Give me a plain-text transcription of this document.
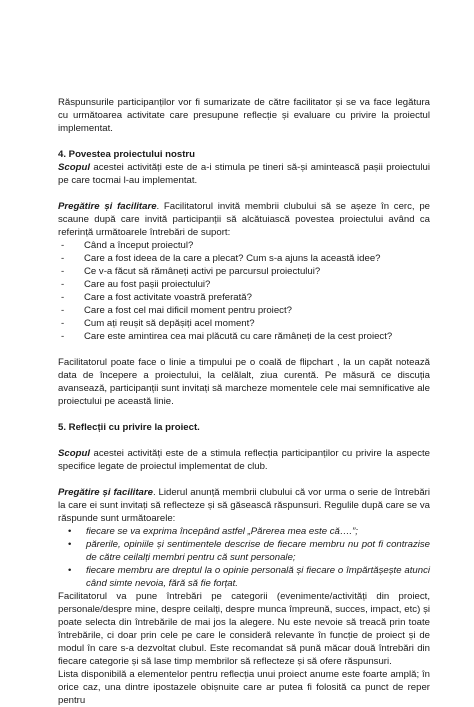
Răspunsurile participanților vor fi sumarizate de către facilitator și se va face legătura cu următoarea activitate care presupune reflecție și evaluare cu privire la proiectul implementat.

4. Povestea proiectului nostru

Scopul acestei activități este de a-i stimula pe tineri să-și amintească pașii proiectului pe care tocmai l-au implementat.

Pregătire și facilitare. Facilitatorul invită membrii clubului să se așeze în cerc, pe scaune după care invită participanții să alcătuiască povestea proiectului având ca referință următoarele întrebări de suport:

- Când a început proiectul?
- Care a fost ideea de la care a plecat? Cum s-a ajuns la această idee?
- Ce v-a făcut să rămâneți activi pe parcursul proiectului?
- Care au fost pașii proiectului?
- Care a fost activitate voastră preferată?
- Care a fost cel mai dificil moment pentru proiect?
- Cum ați reușit să depășiți acel moment?
- Care este amintirea cea mai plăcută cu care rămâneți de la cest proiect?

Facilitatorul poate face o linie a timpului pe o coală de flipchart , la un capăt notează data de începere a proiectului, la celălalt, ziua curentă. Pe măsură ce discuția avansează, participanții sunt invitați să marcheze momentele cele mai semnificative ale proiectului pe această linie.

5. Reflecții cu privire la proiect.

Scopul acestei activități este de a stimula reflecția participanților cu privire la aspecte specifice legate de proiectul implementat de club.

Pregătire și facilitare. Liderul anunță membrii clubului că vor urma o serie de întrebări la care ei sunt invitați să reflecteze și să găsească răspunsuri. Regulile după care se va răspunde sunt următoarele:

• fiecare se va exprima începând astfel „Părerea mea este că….”;
• părerile, opiniile și sentimentele descrise de fiecare membru nu pot fi contrazise de către ceilalți membri pentru că sunt personale;
• fiecare membru are dreptul la o opinie personală și fiecare o împărtășește atunci când simte nevoia, fără să fie forțat.

Facilitatorul va pune întrebări pe categorii (evenimente/activități din proiect, personale/despre mine, despre ceilalți, despre munca împreună, succes, impact, etc) și poate selecta din întrebările de mai jos la alegere. Nu este nevoie să treacă prin toate întrebările, ci doar prin cele pe care le consideră relevante în funcție de proiect și de modul în care s-a dezvoltat clubul. Este recomandat să pună măcar două întrebări din fiecare categorie și să lase timp membrilor să reflecteze și să ofere răspunsuri.

Lista disponibilă a elementelor pentru reflecția unui proiect anume este foarte amplă; în orice caz, una dintre ipostazele obișnuite care ar putea fi folosită ca punct de reper pentru
